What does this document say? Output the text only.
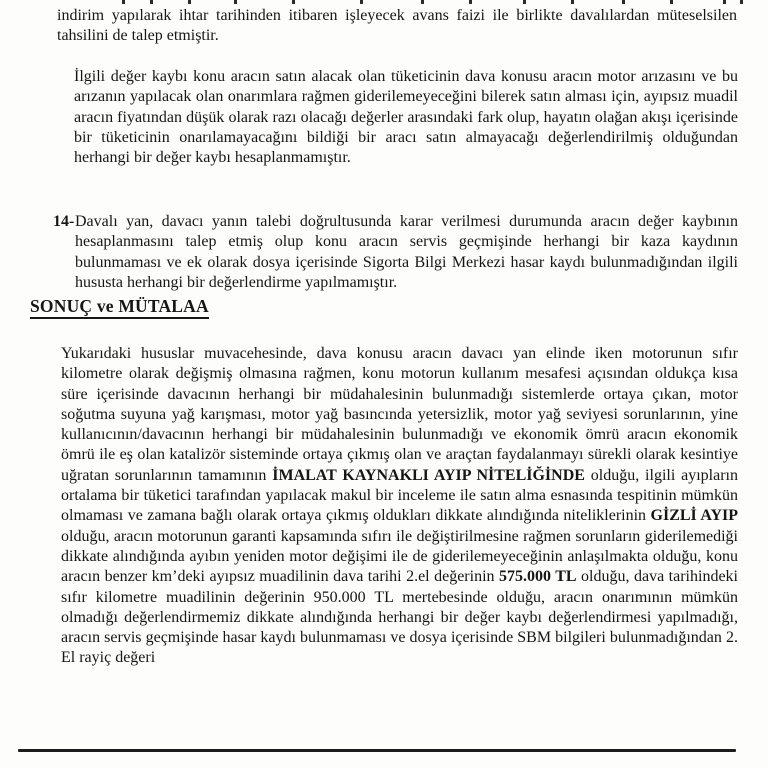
indirim yapılarak ihtar tarihinden itibaren işleyecek avans faizi ile birlikte davalılardan müteselsilen tahsilini de talep etmiştir.

İlgili değer kaybı konu aracın satın alacak olan tüketicinin dava konusu aracın motor arızasını ve bu arızanın yapılacak olan onarımlara rağmen giderilemeyeceğini bilerek satın alması için, ayıpsız muadil aracın fiyatından düşük olarak razı olacağı değerler arasındaki fark olup, hayatın olağan akışı içerisinde bir tüketicinin onarılamayacağını bildiği bir aracı satın almayacağı değerlendirilmiş olduğundan herhangi bir değer kaybı hesaplanmamıştır.

14- Davalı yan, davacı yanın talebi doğrultusunda karar verilmesi durumunda aracın değer kaybının hesaplanmasını talep etmiş olup konu aracın servis geçmişinde herhangi bir kaza kaydının bulunmaması ve ek olarak dosya içerisinde Sigorta Bilgi Merkezi hasar kaydı bulunmadığından ilgili hususta herhangi bir değerlendirme yapılmamıştır.

SONUÇ ve MÜTALAA

Yukarıdaki hususlar muvacehesinde, dava konusu aracın davacı yan elinde iken motorunun sıfır kilometre olarak değişmiş olmasına rağmen, konu motorun kullanım mesafesi açısından oldukça kısa süre içerisinde davacının herhangi bir müdahalesinin bulunmadığı sistemlerde ortaya çıkan, motor soğutma suyuna yağ karışması, motor yağ basıncında yetersizlik, motor yağ seviyesi sorunlarının, yine kullanıcının/davacının herhangi bir müdahalesinin bulunmadığı ve ekonomik ömrü aracın ekonomik ömrü ile eş olan katalizör sisteminde ortaya çıkmış olan ve araçtan faydalanmayı sürekli olarak kesintiye uğratan sorunlarının tamamının İMALAT KAYNAKLI AYIP NİTELİĞİNDE olduğu, ilgili ayıpların ortalama bir tüketici tarafından yapılacak makul bir inceleme ile satın alma esnasında tespitinin mümkün olmaması ve zamana bağlı olarak ortaya çıkmış oldukları dikkate alındığında niteliklerinin GİZLİ AYIP olduğu, aracın motorunun garanti kapsamında sıfırı ile değiştirilmesine rağmen sorunların giderilemediği dikkate alındığında ayıbın yeniden motor değişimi ile de giderilemeyeceğinin anlaşılmakta olduğu, konu aracın benzer km’deki ayıpsız muadilinin dava tarihi 2.el değerinin 575.000 TL olduğu, dava tarihindeki sıfır kilometre muadilinin değerinin 950.000 TL mertebesinde olduğu, aracın onarımının mümkün olmadığı değerlendirmemiz dikkate alındığında herhangi bir değer kaybı değerlendirmesi yapılmadığı, aracın servis geçmişinde hasar kaydı bulunmaması ve dosya içerisinde SBM bilgileri bulunmadığından 2. El rayiç değeri
